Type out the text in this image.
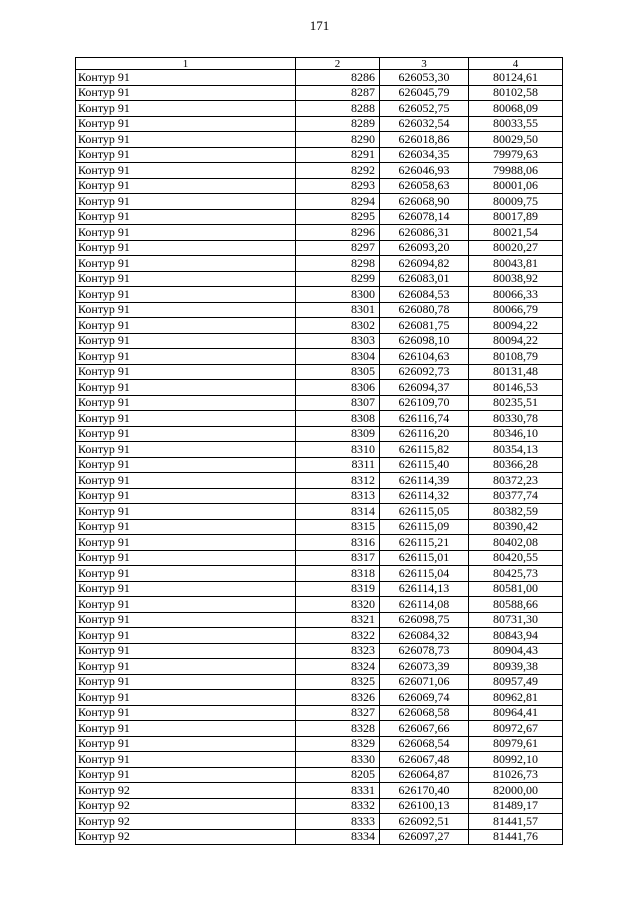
171
1	2	3	4
Контур 91	8286	626053,30	80124,61
Контур 91	8287	626045,79	80102,58
Контур 91	8288	626052,75	80068,09
Контур 91	8289	626032,54	80033,55
Контур 91	8290	626018,86	80029,50
Контур 91	8291	626034,35	79979,63
Контур 91	8292	626046,93	79988,06
Контур 91	8293	626058,63	80001,06
Контур 91	8294	626068,90	80009,75
Контур 91	8295	626078,14	80017,89
Контур 91	8296	626086,31	80021,54
Контур 91	8297	626093,20	80020,27
Контур 91	8298	626094,82	80043,81
Контур 91	8299	626083,01	80038,92
Контур 91	8300	626084,53	80066,33
Контур 91	8301	626080,78	80066,79
Контур 91	8302	626081,75	80094,22
Контур 91	8303	626098,10	80094,22
Контур 91	8304	626104,63	80108,79
Контур 91	8305	626092,73	80131,48
Контур 91	8306	626094,37	80146,53
Контур 91	8307	626109,70	80235,51
Контур 91	8308	626116,74	80330,78
Контур 91	8309	626116,20	80346,10
Контур 91	8310	626115,82	80354,13
Контур 91	8311	626115,40	80366,28
Контур 91	8312	626114,39	80372,23
Контур 91	8313	626114,32	80377,74
Контур 91	8314	626115,05	80382,59
Контур 91	8315	626115,09	80390,42
Контур 91	8316	626115,21	80402,08
Контур 91	8317	626115,01	80420,55
Контур 91	8318	626115,04	80425,73
Контур 91	8319	626114,13	80581,00
Контур 91	8320	626114,08	80588,66
Контур 91	8321	626098,75	80731,30
Контур 91	8322	626084,32	80843,94
Контур 91	8323	626078,73	80904,43
Контур 91	8324	626073,39	80939,38
Контур 91	8325	626071,06	80957,49
Контур 91	8326	626069,74	80962,81
Контур 91	8327	626068,58	80964,41
Контур 91	8328	626067,66	80972,67
Контур 91	8329	626068,54	80979,61
Контур 91	8330	626067,48	80992,10
Контур 91	8205	626064,87	81026,73
Контур 92	8331	626170,40	82000,00
Контур 92	8332	626100,13	81489,17
Контур 92	8333	626092,51	81441,57
Контур 92	8334	626097,27	81441,76
